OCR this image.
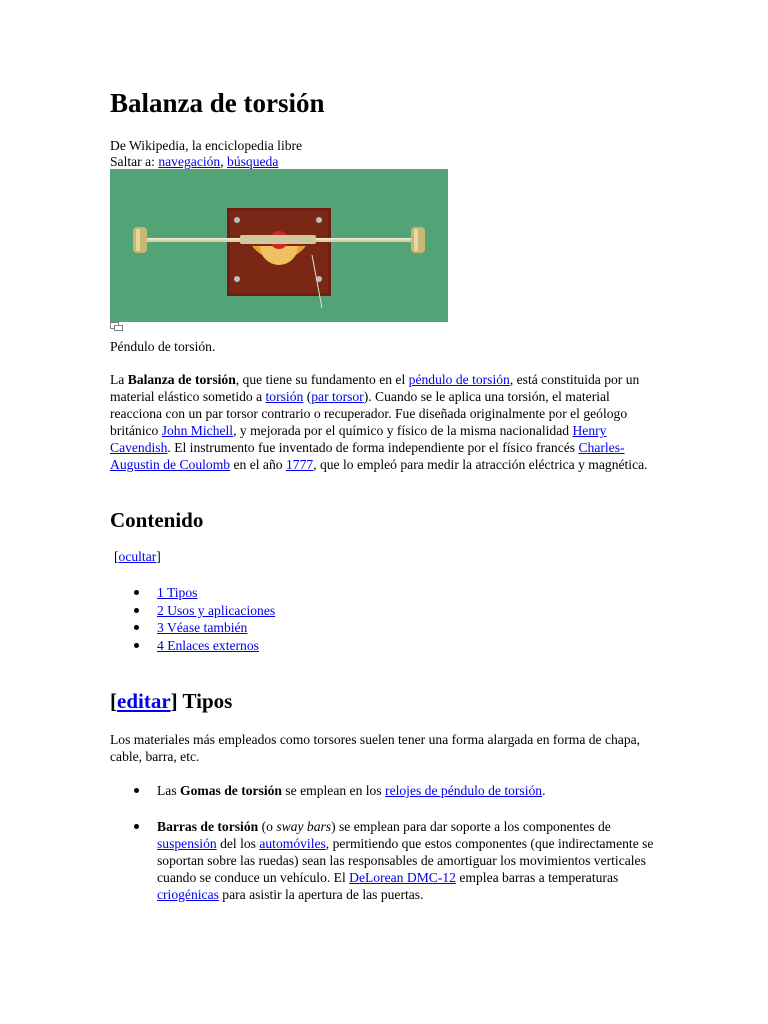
Balanza de torsión
De Wikipedia, la enciclopedia libre
Saltar a: navegación, búsqueda
Péndulo de torsión.

La Balanza de torsión, que tiene su fundamento en el péndulo de torsión, está constituida por un material elástico sometido a torsión (par torsor). Cuando se le aplica una torsión, el material reacciona con un par torsor contrario o recuperador. Fue diseñada originalmente por el geólogo británico John Michell, y mejorada por el químico y físico de la misma nacionalidad Henry Cavendish. El instrumento fue inventado de forma independiente por el físico francés Charles-Augustin de Coulomb en el año 1777, que lo empleó para medir la atracción eléctrica y magnética.

Contenido
[ocultar]
1 Tipos
2 Usos y aplicaciones
3 Véase también
4 Enlaces externos
[editar] Tipos

Los materiales más empleados como torsores suelen tener una forma alargada en forma de chapa, cable, barra, etc.

Las Gomas de torsión se emplean en los relojes de péndulo de torsión.
Barras de torsión (o sway bars) se emplean para dar soporte a los componentes de suspensión del los automóviles, permitiendo que estos componentes (que indirectamente se soportan sobre las ruedas) sean las responsables de amortiguar los movimientos verticales cuando se conduce un vehículo. El DeLorean DMC-12 emplea barras a temperaturas criogénicas para asistir la apertura de las puertas.
